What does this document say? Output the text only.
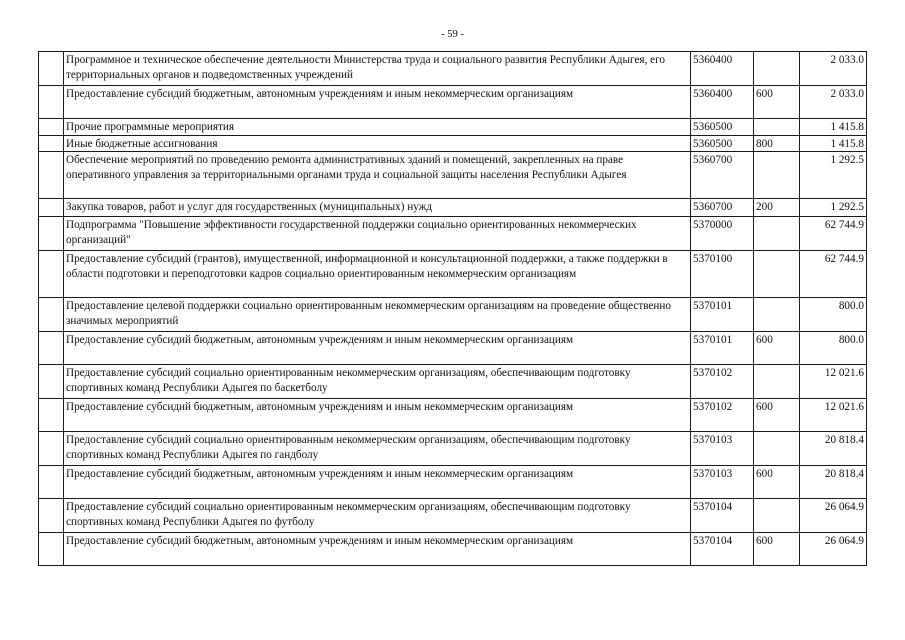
- 59 -
	Программное и техническое обеспечение деятельности Министерства труда и социального развития Республики Адыгея, его территориальных органов и подведомственных учреждений	5360400		2 033.0
	Предоставление субсидий бюджетным, автономным учреждениям и иным некоммерческим организациям	5360400	600	2 033.0
	Прочие программные мероприятия	5360500		1 415.8
	Иные бюджетные ассигнования	5360500	800	1 415.8
	Обеспечение мероприятий по проведению ремонта административных зданий и помещений, закрепленных на праве оперативного управления за территориальными органами труда и социальной защиты населения Республики Адыгея	5360700		1 292.5
	Закупка товаров, работ и услуг для государственных (муниципальных) нужд	5360700	200	1 292.5
	Подпрограмма "Повышение эффективности государственной поддержки социально ориентированных некоммерческих организаций"	5370000		62 744.9
	Предоставление субсидий (грантов), имущественной, информационной и консультационной поддержки, а также поддержки в области подготовки и переподготовки кадров социально ориентированным некоммерческим организациям	5370100		62 744.9
	Предоставление целевой поддержки социально ориентированным некоммерческим организациям на проведение общественно значимых мероприятий	5370101		800.0
	Предоставление субсидий бюджетным, автономным учреждениям и иным некоммерческим организациям	5370101	600	800.0
	Предоставление субсидий социально ориентированным некоммерческим организациям, обеспечивающим подготовку спортивных команд Республики Адыгея по баскетболу	5370102		12 021.6
	Предоставление субсидий бюджетным, автономным учреждениям и иным некоммерческим организациям	5370102	600	12 021.6
	Предоставление субсидий социально ориентированным некоммерческим организациям, обеспечивающим подготовку спортивных команд Республики Адыгея по гандболу	5370103		20 818.4
	Предоставление субсидий бюджетным, автономным учреждениям и иным некоммерческим организациям	5370103	600	20 818.4
	Предоставление субсидий социально ориентированным некоммерческим организациям, обеспечивающим подготовку спортивных команд Республики Адыгея по футболу	5370104		26 064.9
	Предоставление субсидий бюджетным, автономным учреждениям и иным некоммерческим организациям	5370104	600	26 064.9
